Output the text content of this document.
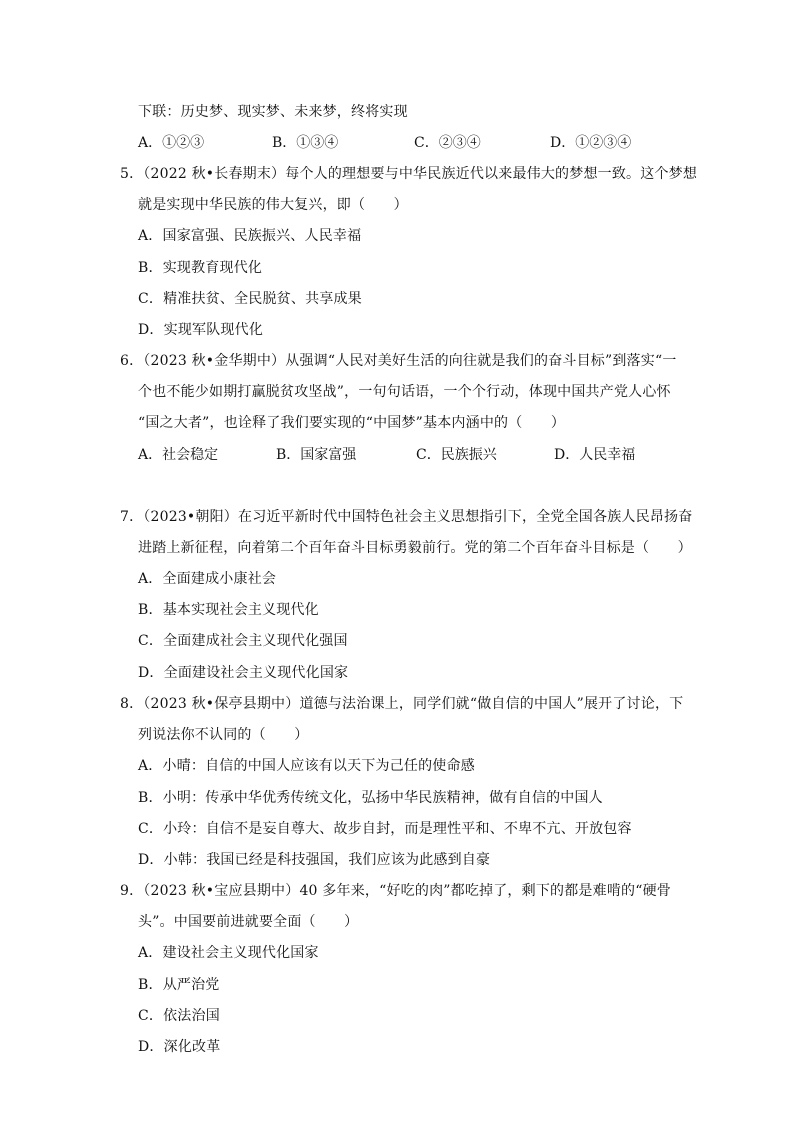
下联：历史梦、现实梦、未来梦，终将实现
A．①②③	B．①③④	C．②③④	D．①②③④
5．（2022 秋•长春期末）每个人的理想要与中华民族近代以来最伟大的梦想一致。这个梦想
就是实现中华民族的伟大复兴，即（　　）
A．国家富强、民族振兴、人民幸福
B．实现教育现代化
C．精准扶贫、全民脱贫、共享成果
D．实现军队现代化
6．（2023 秋•金华期中）从强调“人民对美好生活的向往就是我们的奋斗目标”到落实“一
个也不能少如期打赢脱贫攻坚战”，一句句话语，一个个行动，体现中国共产党人心怀
“国之大者”，也诠释了我们要实现的“中国梦”基本内涵中的（　　）
A．社会稳定	B．国家富强	C．民族振兴	D．人民幸福
7．（2023•朝阳）在习近平新时代中国特色社会主义思想指引下，全党全国各族人民昂扬奋
进踏上新征程，向着第二个百年奋斗目标勇毅前行。党的第二个百年奋斗目标是（　　）
A．全面建成小康社会
B．基本实现社会主义现代化
C．全面建成社会主义现代化强国
D．全面建设社会主义现代化国家
8．（2023 秋•保亭县期中）道德与法治课上，同学们就“做自信的中国人”展开了讨论，下
列说法你不认同的（　　）
A．小晴：自信的中国人应该有以天下为己任的使命感
B．小明：传承中华优秀传统文化，弘扬中华民族精神，做有自信的中国人
C．小玲：自信不是妄自尊大、故步自封，而是理性平和、不卑不亢、开放包容
D．小韩：我国已经是科技强国，我们应该为此感到自豪
9．（2023 秋•宝应县期中）40 多年来，“好吃的肉”都吃掉了，剩下的都是难啃的“硬骨
头”。中国要前进就要全面（　　）
A．建设社会主义现代化国家
B．从严治党
C．依法治国
D．深化改革
